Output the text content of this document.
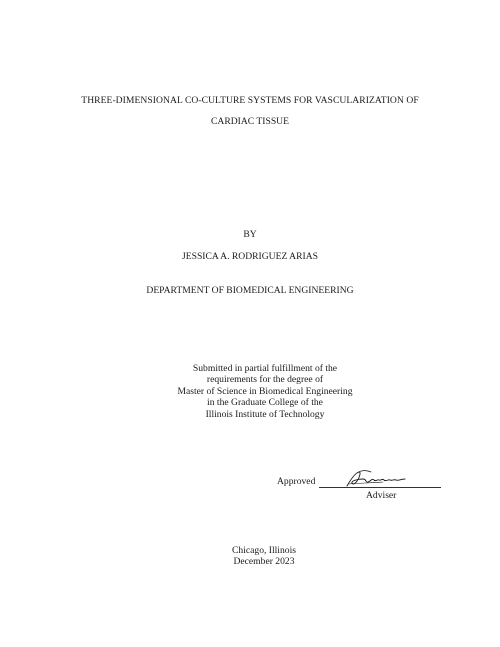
THREE-DIMENSIONAL CO-CULTURE SYSTEMS FOR VASCULARIZATION OF
CARDIAC TISSUE
BY
JESSICA A. RODRIGUEZ ARIAS
DEPARTMENT OF BIOMEDICAL ENGINEERING
Submitted in partial fulfillment of the
requirements for the degree of
Master of Science in Biomedical Engineering
in the Graduate College of the
Illinois Institute of Technology
Approved
Adviser
Chicago, Illinois
December 2023
